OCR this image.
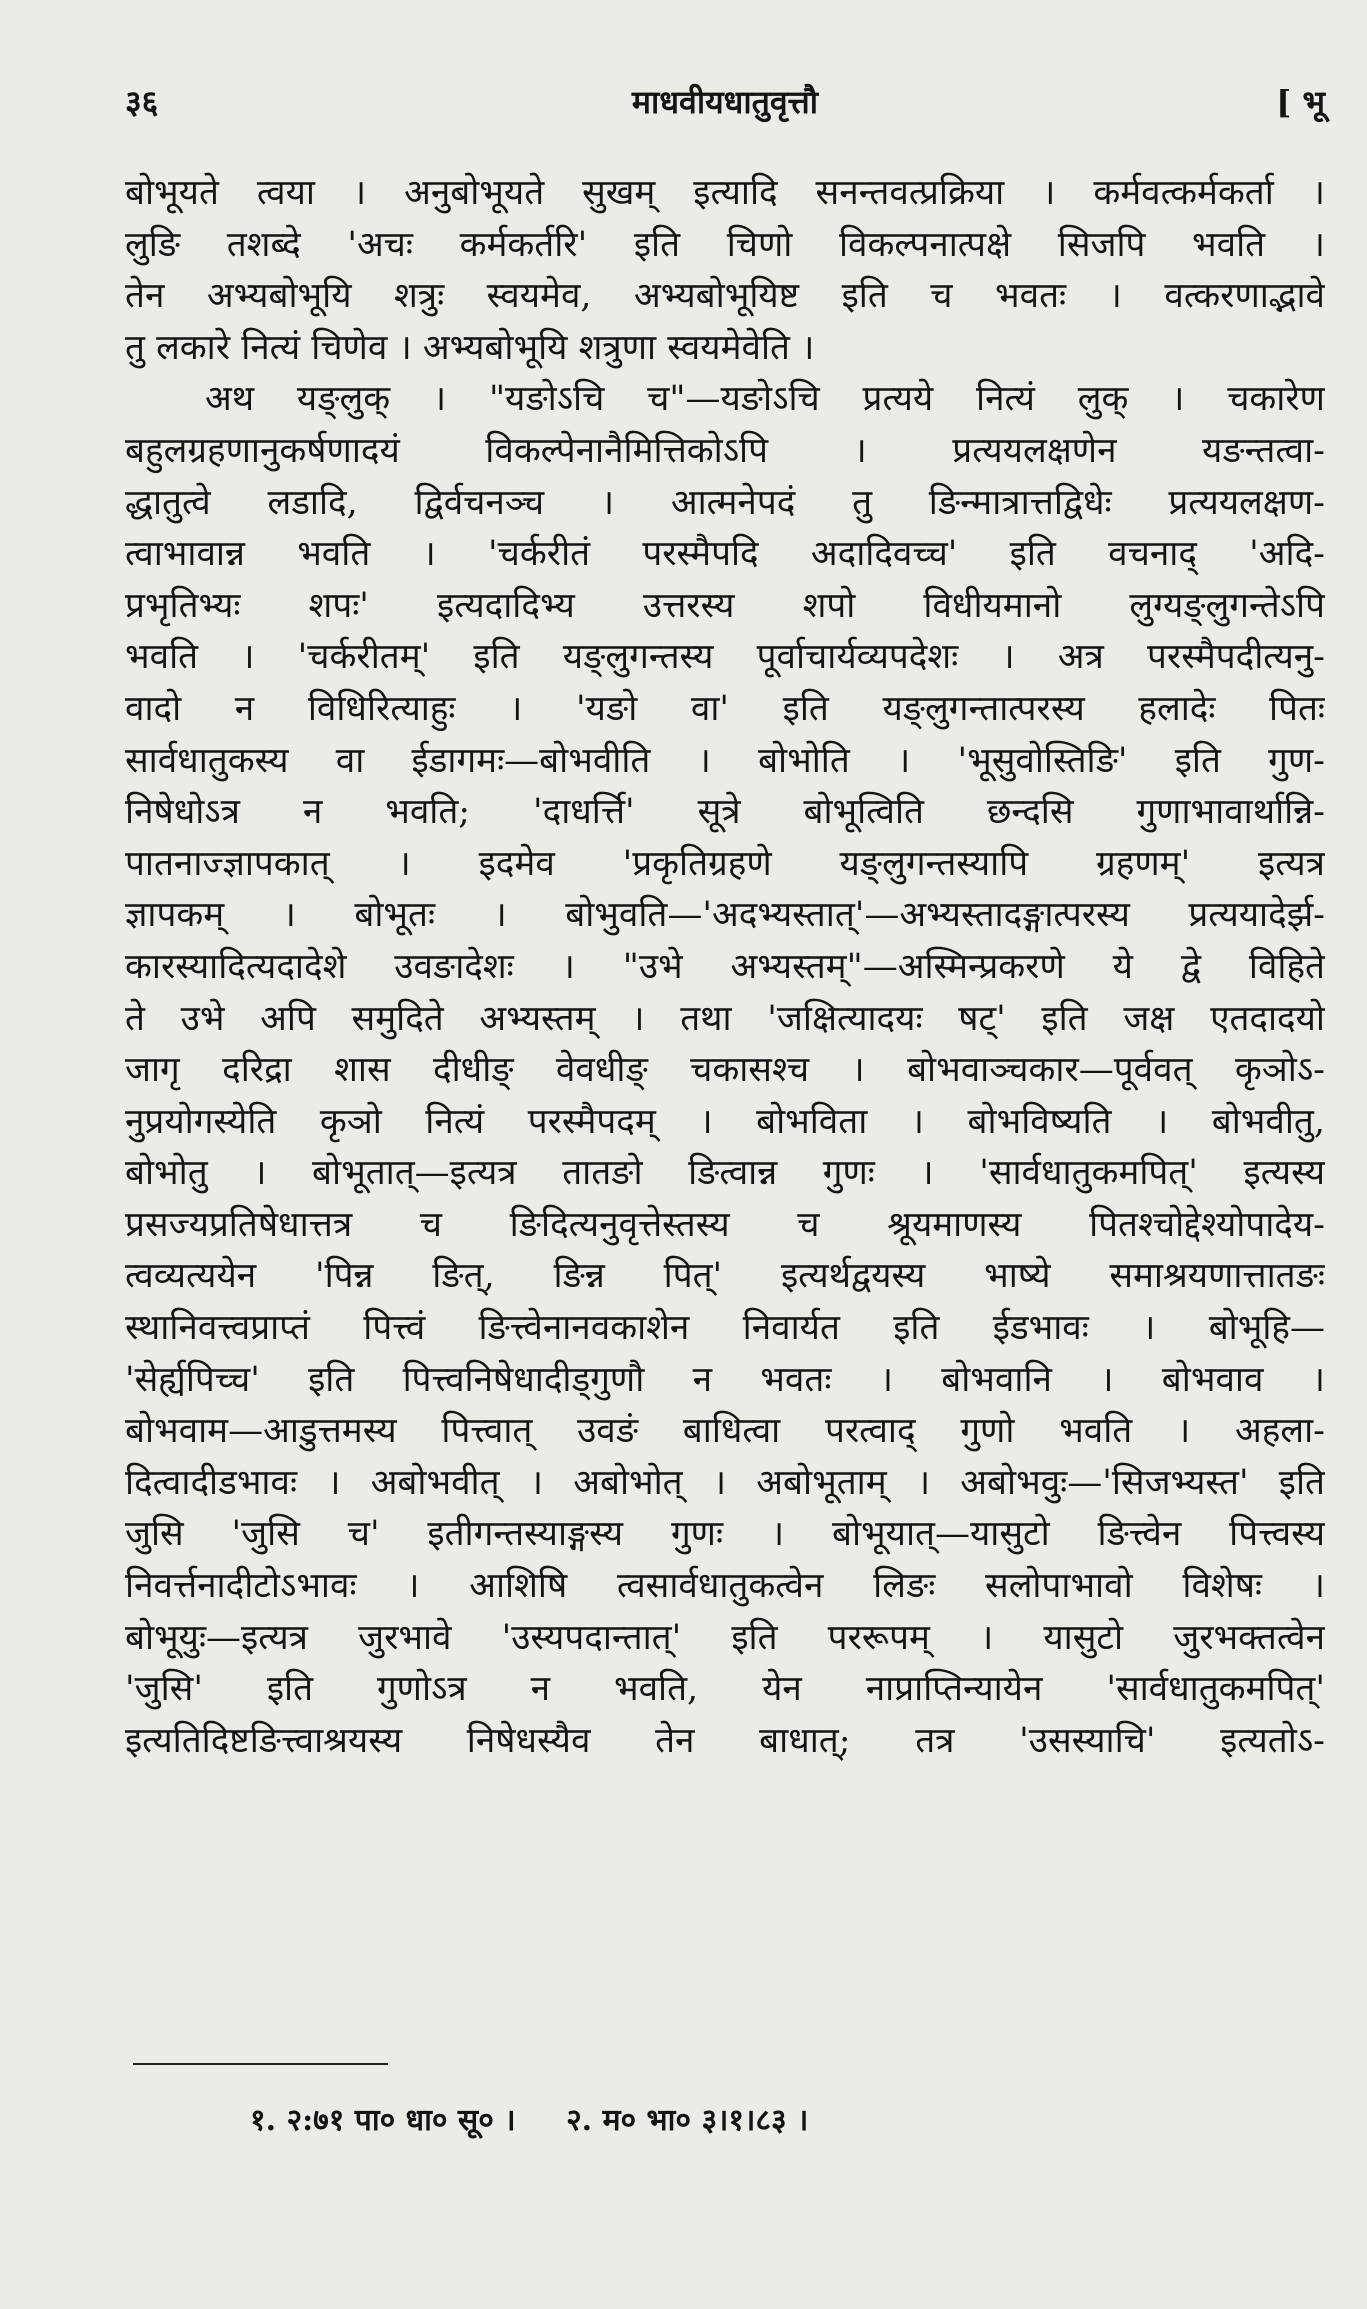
३६	माधवीयधातुवृत्तौ	[ भू
बोभूयते त्वया । अनुबोभूयते सुखम् इत्यादि सनन्तवत्प्रक्रिया । कर्मवत्कर्मकर्ता ।
लुङि तशब्दे 'अचः कर्मकर्तरि' इति चिणो विकल्पनात्पक्षे सिजपि भवति ।
तेन अभ्यबोभूयि शत्रुः स्वयमेव, अभ्यबोभूयिष्ट इति च भवतः । वत्करणाद्भावे
तु लकारे नित्यं चिणेव । अभ्यबोभूयि शत्रुणा स्वयमेवेति ।
अथ यङ्लुक् । "यङोऽचि च"—यङोऽचि प्रत्यये नित्यं लुक् । चकारेण
बहुलग्रहणानुकर्षणादयं विकल्पेनानैमित्तिकोऽपि । प्रत्ययलक्षणेन यङन्तत्वा-
द्धातुत्वे लडादि, द्विर्वचनञ्च । आत्मनेपदं तु ङिन्मात्रात्तद्विधेः प्रत्ययलक्षण-
त्वाभावान्न भवति । 'चर्करीतं परस्मैपदि अदादिवच्च' इति वचनाद् 'अदि-
प्रभृतिभ्यः शपः' इत्यदादिभ्य उत्तरस्य शपो विधीयमानो लुग्यङ्लुगन्तेऽपि
भवति । 'चर्करीतम्' इति यङ्लुगन्तस्य पूर्वाचार्यव्यपदेशः । अत्र परस्मैपदीत्यनु-
वादो न विधिरित्याहुः । 'यङो वा' इति यङ्लुगन्तात्परस्य हलादेः पितः
सार्वधातुकस्य वा ईडागमः—बोभवीति । बोभोति । 'भूसुवोस्तिङि' इति गुण-
निषेधोऽत्र न भवति; 'दाधर्त्ति' सूत्रे बोभूत्विति छन्दसि गुणाभावार्थान्नि-
पातनाज्ज्ञापकात् । इदमेव 'प्रकृतिग्रहणे यङ्लुगन्तस्यापि ग्रहणम्' इत्यत्र
ज्ञापकम् । बोभूतः । बोभुवति—'अदभ्यस्तात्'—अभ्यस्तादङ्गात्परस्य प्रत्ययादेर्झ-
कारस्यादित्यदादेशे उवङादेशः । "उभे अभ्यस्तम्"—अस्मिन्प्रकरणे ये द्वे विहिते
ते उभे अपि समुदिते अभ्यस्तम् । तथा 'जक्षित्यादयः षट्' इति जक्ष एतदादयो
जागृ दरिद्रा शास दीधीङ् वेवधीङ् चकासश्च । बोभवाञ्चकार—पूर्ववत् कृञोऽ-
नुप्रयोगस्येति कृञो नित्यं परस्मैपदम् । बोभविता । बोभविष्यति । बोभवीतु,
बोभोतु । बोभूतात्—इत्यत्र तातङो ङित्वान्न गुणः । 'सार्वधातुकमपित्' इत्यस्य
प्रसज्यप्रतिषेधात्तत्र च ङिदित्यनुवृत्तेस्तस्य च श्रूयमाणस्य पितश्चोद्देश्योपादेय-
त्वव्यत्ययेन 'पिन्न ङित्, ङिन्न पित्' इत्यर्थद्वयस्य भाष्ये समाश्रयणात्तातङः
स्थानिवत्त्वप्राप्तं पित्त्वं ङित्त्वेनानवकाशेन निवार्यत इति ईडभावः । बोभूहि—
'सेर्ह्यपिच्च' इति पित्त्वनिषेधादीड्गुणौ न भवतः । बोभवानि । बोभवाव ।
बोभवाम—आडुत्तमस्य पित्त्वात् उवङं बाधित्वा परत्वाद् गुणो भवति । अहला-
दित्वादीडभावः । अबोभवीत् । अबोभोत् । अबोभूताम् । अबोभवुः—'सिजभ्यस्त' इति
जुसि 'जुसि च' इतीगन्तस्याङ्गस्य गुणः । बोभूयात्—यासुटो ङित्त्वेन पित्त्वस्य
निवर्त्तनादीटोऽभावः । आशिषि त्वसार्वधातुकत्वेन लिङः सलोपाभावो विशेषः ।
बोभूयुः—इत्यत्र जुरभावे 'उस्यपदान्तात्' इति पररूपम् । यासुटो जुरभक्तत्वेन
'जुसि' इति गुणोऽत्र न भवति, येन नाप्राप्तिन्यायेन 'सार्वधातुकमपित्'
इत्यतिदिष्टङित्त्वाश्रयस्य निषेधस्यैव तेन बाधात्; तत्र 'उसस्याचि' इत्यतोऽ-
१. २:७१ पा० धा० सू० । २. म० भा० ३।१।८३ ।
